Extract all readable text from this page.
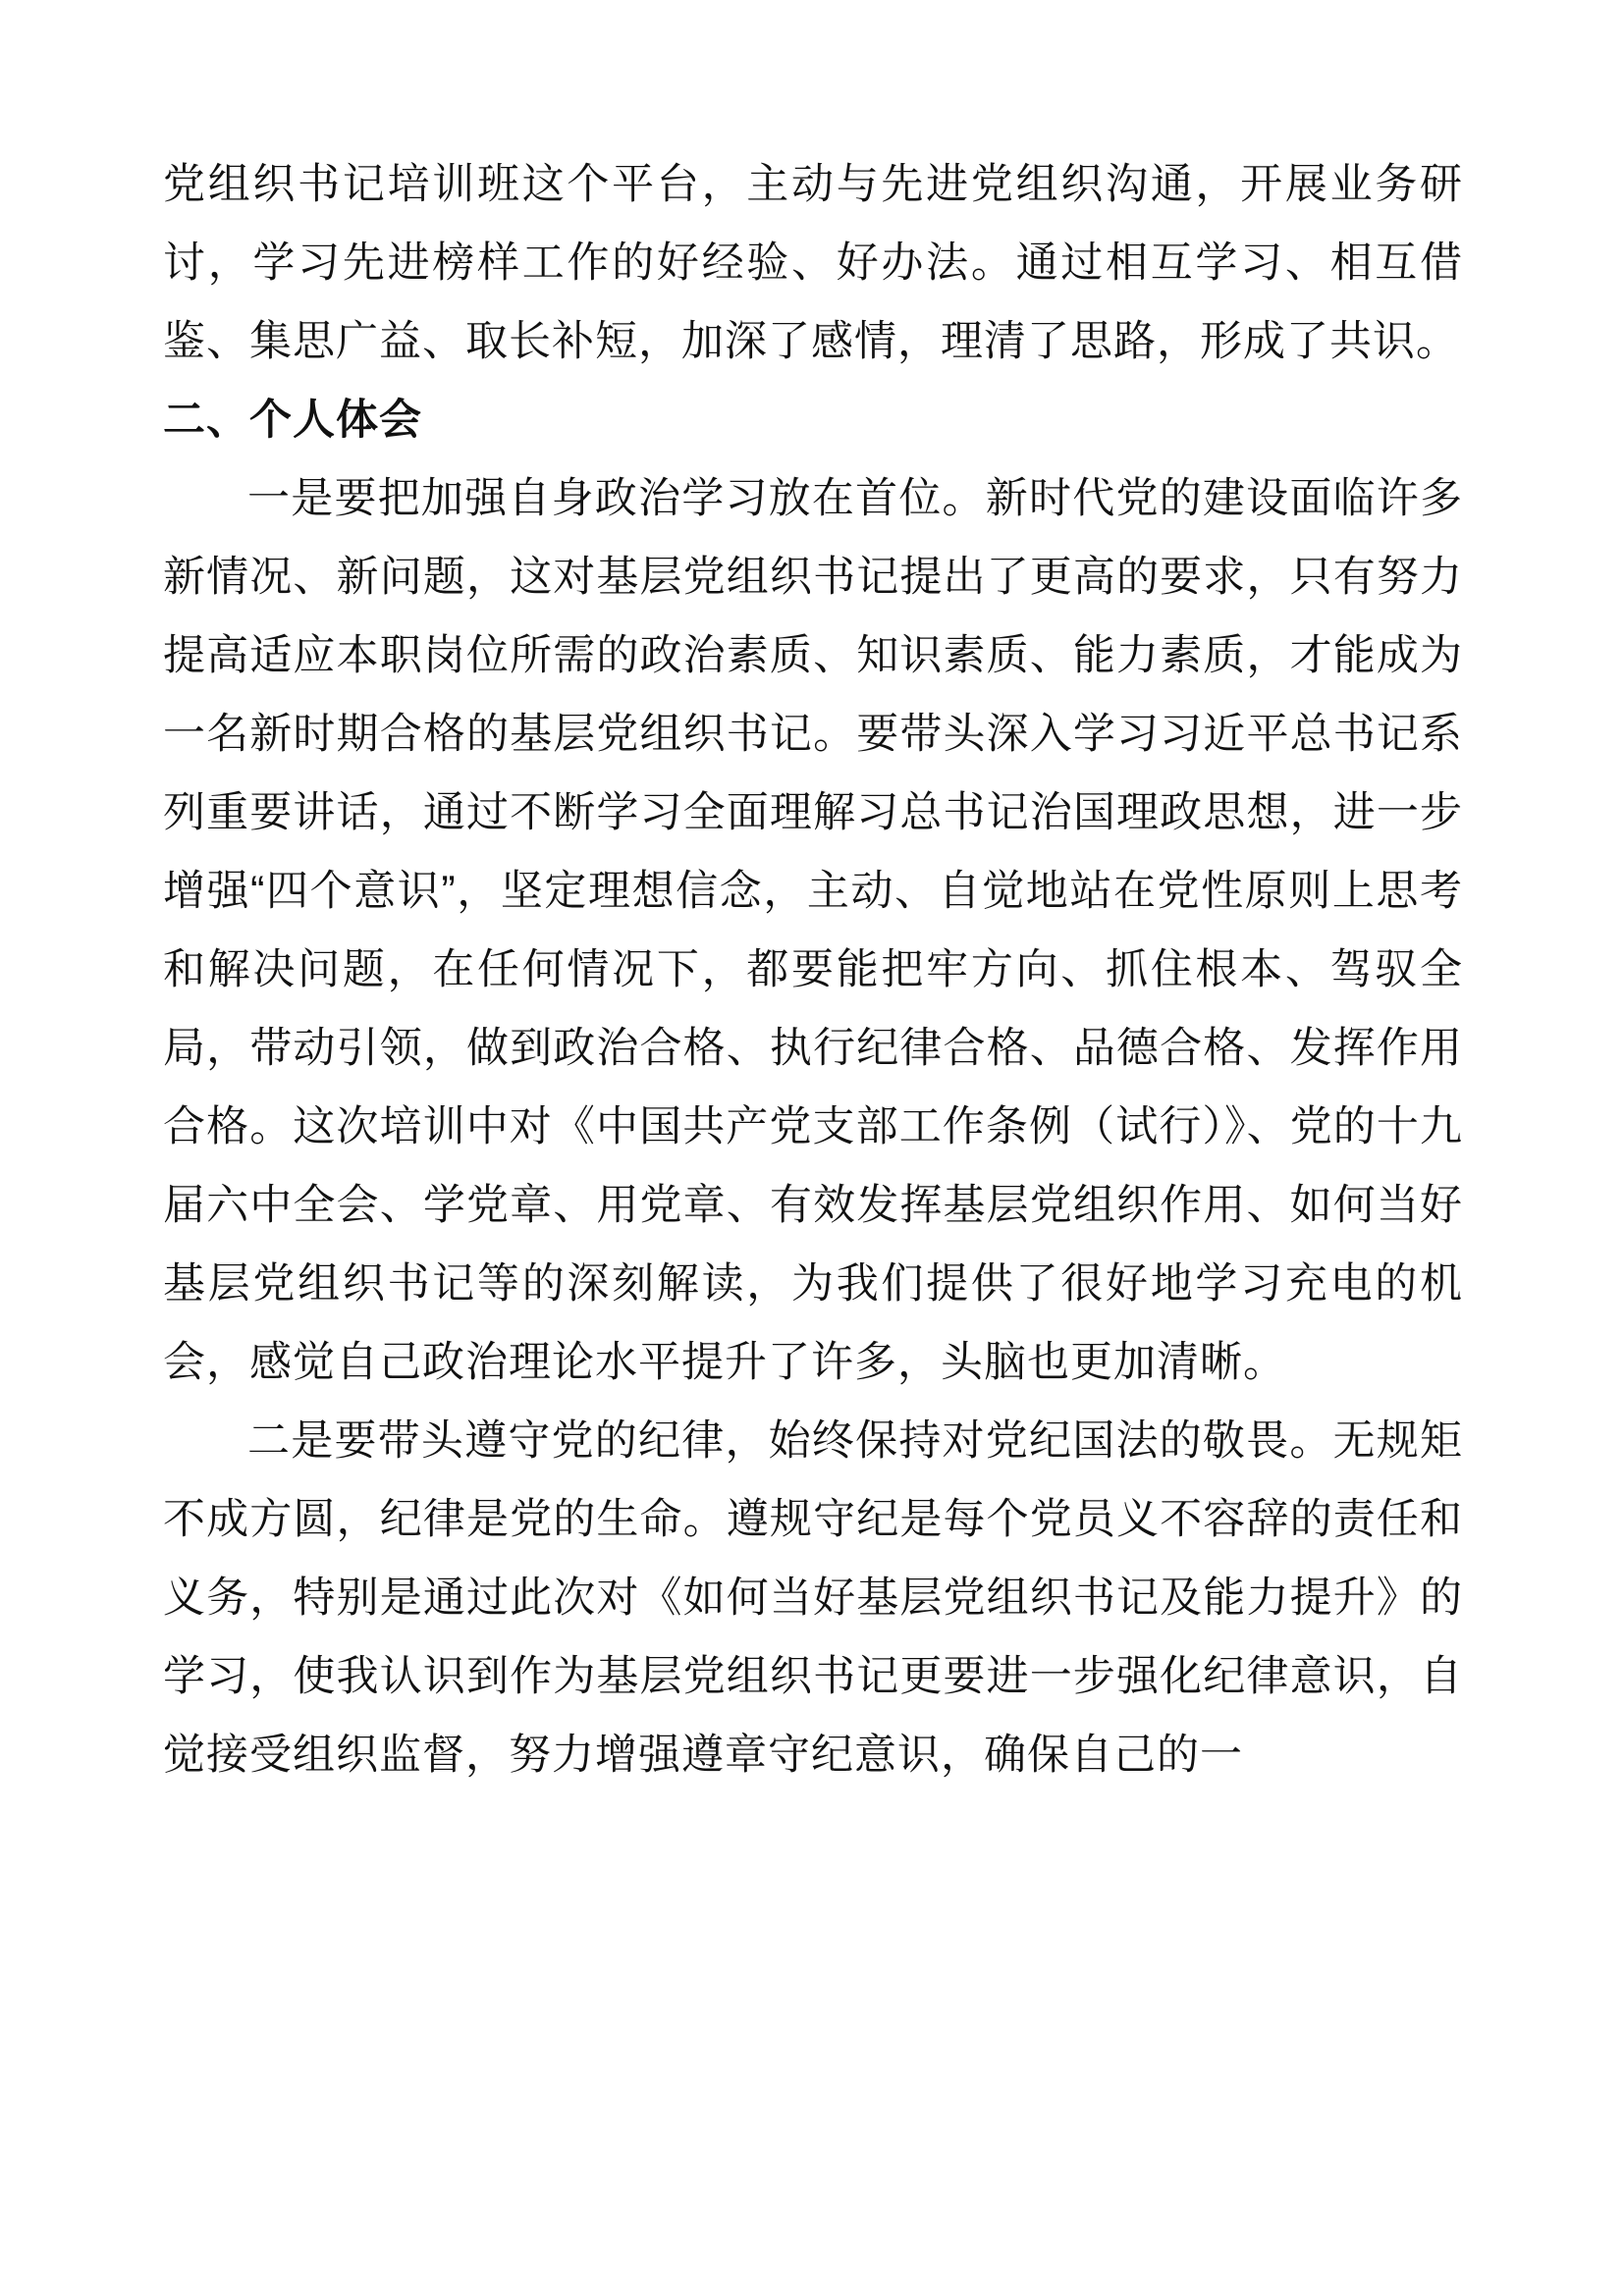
党组织书记培训班这个平台，主动与先进党组织沟通，开展业务研讨，学习先进榜样工作的好经验、好办法。通过相互学习、相互借鉴、集思广益、取长补短，加深了感情，理清了思路，形成了共识。

二、个人体会

一是要把加强自身政治学习放在首位。新时代党的建设面临许多新情况、新问题，这对基层党组织书记提出了更高的要求，只有努力提高适应本职岗位所需的政治素质、知识素质、能力素质，才能成为一名新时期合格的基层党组织书记。要带头深入学习习近平总书记系列重要讲话，通过不断学习全面理解习总书记治国理政思想，进一步增强“四个意识”，坚定理想信念，主动、自觉地站在党性原则上思考和解决问题，在任何情况下，都要能把牢方向、抓住根本、驾驭全局，带动引领，做到政治合格、执行纪律合格、品德合格、发挥作用合格。这次培训中对《中国共产党支部工作条例（试行）》、党的十九届六中全会、学党章、用党章、有效发挥基层党组织作用、如何当好基层党组织书记等的深刻解读，为我们提供了很好地学习充电的机会，感觉自己政治理论水平提升了许多，头脑也更加清晰。

二是要带头遵守党的纪律，始终保持对党纪国法的敬畏。无规矩不成方圆，纪律是党的生命。遵规守纪是每个党员义不容辞的责任和义务，特别是通过此次对《如何当好基层党组织书记及能力提升》的学习，使我认识到作为基层党组织书记更要进一步强化纪律意识，自觉接受组织监督，努力增强遵章守纪意识，确保自己的一
